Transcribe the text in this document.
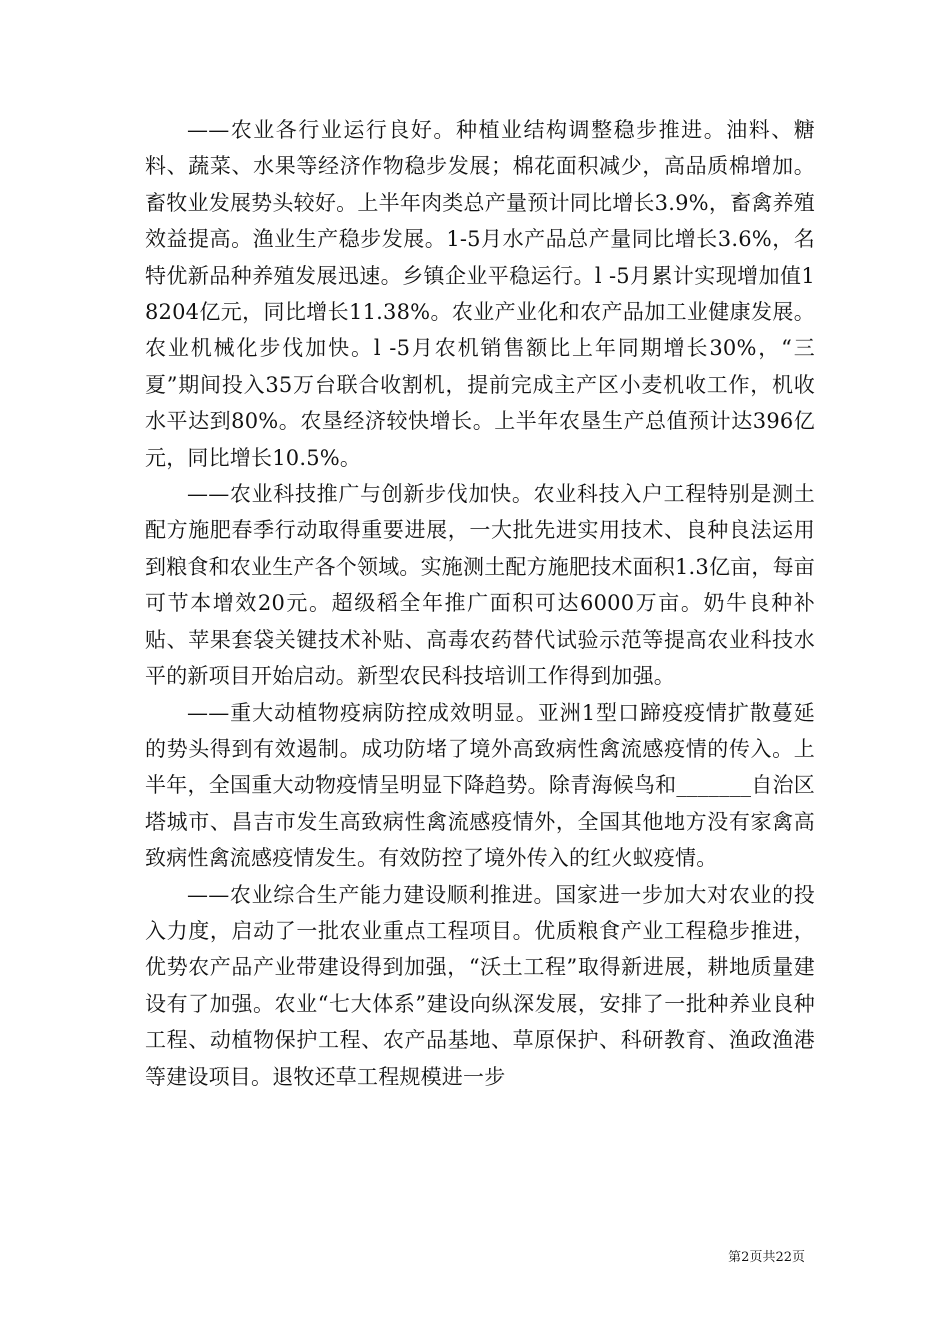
——农业各行业运行良好。种植业结构调整稳步推进。油料、糖料、蔬菜、水果等经济作物稳步发展；棉花面积减少，高品质棉增加。畜牧业发展势头较好。上半年肉类总产量预计同比增长3.9%，畜禽养殖效益提高。渔业生产稳步发展。1-5月水产品总产量同比增长3.6%，名特优新品种养殖发展迅速。乡镇企业平稳运行。l -5月累计实现增加值18204亿元，同比增长11.38%。农业产业化和农产品加工业健康发展。农业机械化步伐加快。l -5月农机销售额比上年同期增长30%，“三夏”期间投入35万台联合收割机，提前完成主产区小麦机收工作，机收水平达到80%。农垦经济较快增长。上半年农垦生产总值预计达396亿元，同比增长10.5%。

——农业科技推广与创新步伐加快。农业科技入户工程特别是测土配方施肥春季行动取得重要进展，一大批先进实用技术、良种良法运用到粮食和农业生产各个领域。实施测土配方施肥技术面积1.3亿亩，每亩可节本增效20元。超级稻全年推广面积可达6000万亩。奶牛良种补贴、苹果套袋关键技术补贴、高毒农药替代试验示范等提高农业科技水平的新项目开始启动。新型农民科技培训工作得到加强。

——重大动植物疫病防控成效明显。亚洲1型口蹄疫疫情扩散蔓延的势头得到有效遏制。成功防堵了境外高致病性禽流感疫情的传入。上半年，全国重大动物疫情呈明显下降趋势。除青海候鸟和_______自治区塔城市、昌吉市发生高致病性禽流感疫情外，全国其他地方没有家禽高致病性禽流感疫情发生。有效防控了境外传入的红火蚁疫情。

——农业综合生产能力建设顺利推进。国家进一步加大对农业的投入力度，启动了一批农业重点工程项目。优质粮食产业工程稳步推进，优势农产品产业带建设得到加强，“沃土工程”取得新进展，耕地质量建设有了加强。农业“七大体系”建设向纵深发展，安排了一批种养业良种工程、动植物保护工程、农产品基地、草原保护、科研教育、渔政渔港等建设项目。退牧还草工程规模进一步

第2页共22页
